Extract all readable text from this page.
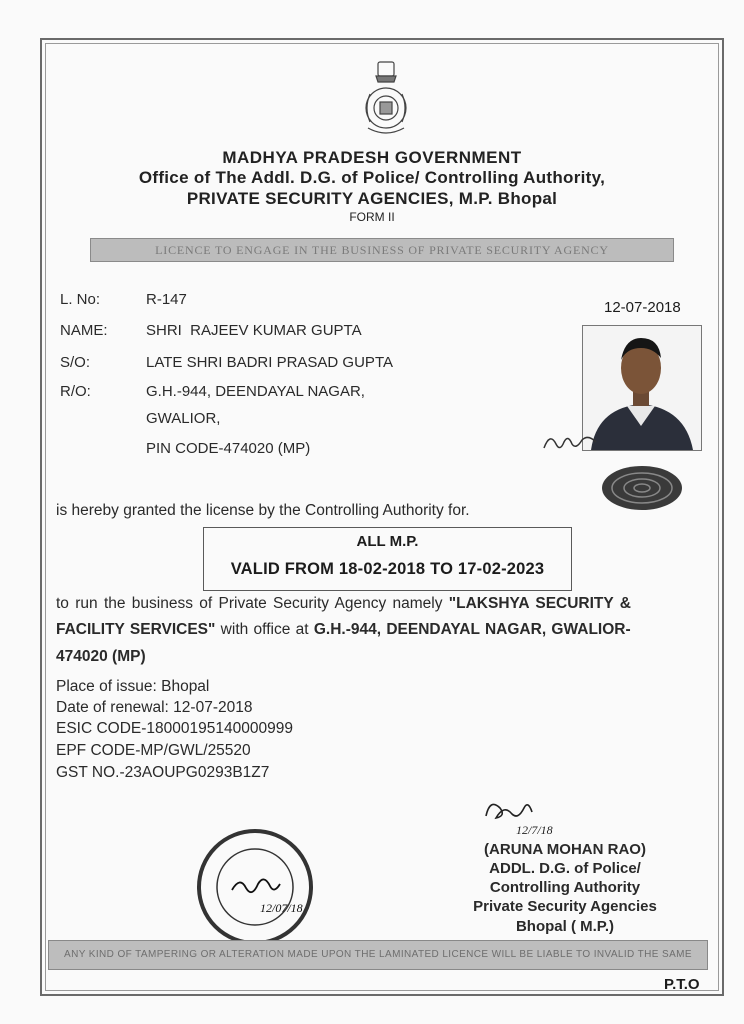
MADHYA PRADESH GOVERNMENT
Office of The Addl. D.G. of Police/ Controlling Authority,
PRIVATE SECURITY AGENCIES, M.P. Bhopal
FORM II
LICENCE TO ENGAGE IN THE BUSINESS OF PRIVATE SECURITY AGENCY
L. No:	R-147	12-07-2018
NAME:	SHRI  RAJEEV KUMAR GUPTA
S/O:	LATE SHRI BADRI PRASAD GUPTA
R/O:	G.H.-944, DEENDAYAL NAGAR,
GWALIOR,
PIN CODE-474020 (MP)
is hereby granted the license by the Controlling Authority for.
ALL M.P.
VALID FROM 18-02-2018 TO 17-02-2023
to run the business of Private Security Agency namely "LAKSHYA SECURITY &
FACILITY SERVICES" with office at G.H.-944, DEENDAYAL NAGAR, GWALIOR-
474020 (MP)
Place of issue: Bhopal
Date of renewal: 12-07-2018
ESIC CODE-18000195140000999
EPF CODE-MP/GWL/25520
GST NO.-23AOUPG0293B1Z7
12/7/18
(ARUNA MOHAN RAO)
ADDL. D.G. of Police/
Controlling Authority
Private Security Agencies
Bhopal ( M.P.)
12/07/18
ANY KIND OF TAMPERING OR ALTERATION MADE UPON THE LAMINATED LICENCE WILL BE LIABLE TO INVALID THE SAME
P.T.O
